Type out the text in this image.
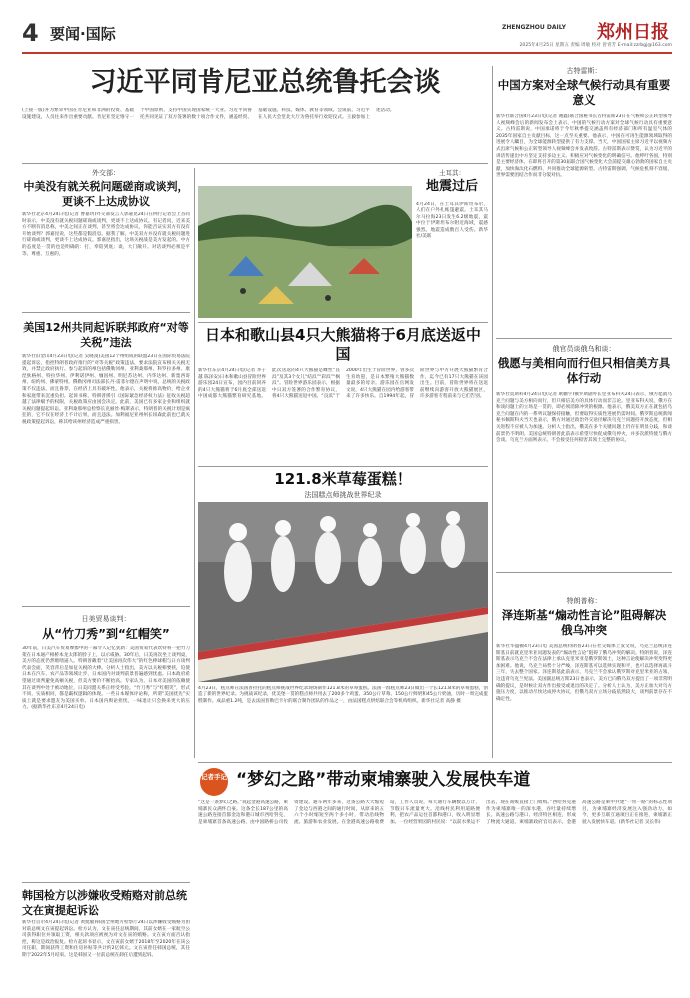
4 要闻·国际	ZHENGZHOU DAILY 郑州日报
2025年4月25日 星期五 责编 周敏 校对 曾青芳 E-mail:zzrbgj@163.com
习近平同肯尼亚总统鲁托会谈
(上接一版)并为繁荣中国在肯尼亚和非洲的投资、基础设施建设、人员往来作出重要贡献。肯尼亚坚定恪守一个中国原则，支持中国实现国家统一大业。习近平同鲁托共同见证了双方签署的数十项合作文件，涵盖经贸、基础设施、科技、媒体、教育等领域。会谈前，习近平在人民大会堂北大厅为鲁托举行欢迎仪式。王毅参加上述活动。
外交部：
中美没有就关税问题磋商或谈判，更谈不上达成协议
新华社北京4月24日电(记者 曹嘉玥)外交部发言人郭嘉昆24日在例行记者会上答问时表示，中美没有就关税问题磋商或谈判，更谈不上达成协议。有记者问，近来美方不断有消息称，中美之间正在谈判，甚至将会达成协议，你能否证实双方有没有开始谈判？郭嘉昆说，这些都是假消息。据我了解，中美双方并没有就关税问题进行磋商或谈判，更谈不上达成协议。郭嘉昆指出，这场关税战是美方发起的。中方的态度是一贯的也是明确的：打，奉陪到底；谈，大门敞开。对话谈判必须是平等、尊重、互惠的。
美国12州共同起诉联邦政府“对等关税”违法
新华社旧金山4月23日电(记者 吴晓凌)美国12个州组成的联盟23日在国际贸易法院提起诉讼，指控特朗普政府推行的“对等关税”政策违法，要求法院宣布相关关税无效，并禁止政府执行。参与起诉的州包括俄勒冈州、亚利桑那州、科罗拉多州、康涅狄格州、特拉华州、伊利诺伊州、缅因州、明尼苏达州、内华达州、新墨西哥州、纽约州、佛蒙特州。俄勒冈州司法部长丹·雷菲尔德在声明中说，总统的关税政策不仅违法，而且鲁莽，在经济上具有破坏性。他表示，关税将推高物价，给企业和家庭带来沉重负担。起诉书称，特朗普援引《国际紧急经济权力法》征收关税超越了法律赋予的权限，关税政策应由国会决定。此前，美国已有多家企业和组织就关税问题提起诉讼。亚利桑那州总检察长克丽丝·梅斯表示，特朗普的关税计划是疯狂的，它不仅在经济上不计后果，而且违法。加利福尼亚州州长纽森此前也已就关税政策提起诉讼，称其给该州经济造成严重损害。
日美贸易谈判：
从“竹刀秀”到“红帽笑”
30年前，日美汽车贸易摩擦中的一幕令人记忆犹新：美国贸易代表坎特将一把竹刀架在日本通产相桥本龙太郎的脖子上，以示威胁。30年后，日美再次坐上谈判桌，美方的态度仍然咄咄逼人。特朗普戴着“让美国再次伟大”的红色棒球帽与日方谈判代表会面，笑容背后是加征关税的大棒。分析人士指出，美方以关税相要挟，迫使日本在汽车、农产品等领域让步，日本国内对谈判前景普遍感到忧虑。日本政府希望通过谈判避免高额关税，但美方要价不断抬高。专家认为，日本对美国的依赖使其在谈判中处于被动地位，日美同盟关系正经受考验。“竹刀秀”与“红帽笑”，形式不同，实质相同，都是霸权逻辑的体现。一些日本媒体评论称，所谓“美国优先”实质上就是要求盟友为美国买单。日本国内舆论担忧，一味退让只会换来更大的压力。(据新华社东京4月24日电)
韩国检方以涉嫌收受贿赂对前总统文在寅提起诉讼
新华社首尔4月24日电(记者 黄挺敏)韩国全州地方检察厅24日以涉嫌收受贿赂为由对前总统文在寅提起诉讼。检方认为，文在寅任总统期间，其前女婿在一家航空公司获得职位并领取工资，相关款项应被视为对文在寅的贿赂。文在寅方面否认指控，称这是政治报复。检方起诉书显示，文在寅前女婿于2018年至2020年在该公司任职，期间获得工资和住房补贴等共计约2亿韩元。文在寅曾任韩国总统，其任期于2022年5月结束。这是韩国又一位前总统在卸任后遭到起诉。
土耳其：
地震过后
4月24日，在土耳其伊斯坦布尔，人们在户外扎帐篷避震。土耳其马尔马拉海23日发生6.2级地震，震中位于伊斯坦布尔附近海域，震感强烈。地震造成数百人受伤。新华社/美联
日本和歌山县4只大熊猫将于6月底送返中国
新华社东京4月24日电(记者 李子越 陈泽安)日本和歌山县冒险世界游乐园24日宣布，园内目前饲养的4只大熊猫将于6月底全部送返中国成都大熊猫繁育研究基地。此次送返的4只大熊猫是雌性“良浜”及其3个女儿“结浜”“彩浜”“枫浜”。冒险世界游乐园表示，根据中日双方签署的合作繁育协议，将4只大熊猫送返中国。“良浜”于2000年出生于冒险世界，曾多次生育幼崽，是日本繁殖大熊猫数量最多的母亲。游乐园在官网发文说，4只大熊猫在园内给游客带来了许多快乐。自1994年起，冒险世界与中方开展大熊猫繁育合作，迄今已有17只大熊猫在该园出生。目前，冒险世界将在送返前继续向游客开放大熊猫展区，许多游客专程前来与它们告别。
121.8米草莓蛋糕！
法国糕点师挑战世界纪录
4月23日，糕点师在法国普拉托的糕点师挑战世界纪录现场制作121.8米的草莓蛋糕。法国一群糕点师23日做出一个长121.8米的草莓蛋糕，创造了新的世界纪录。为挑战该纪录，优美堡一贯的糕点师共用去了200多个鸡蛋、350公斤草莓、150公斤鲜奶和45公斤奶油，历时一周完成蛋糕制作。成品重1.2吨，是去法国普勒巴卡尔的联合制作团队的作品之一，由法国糕点烘焙联合会等机构组织。新华社记者 高静 摄
古特雷斯：
中国方案对全球气候行动具有重要意义
新华社联合国4月23日电(记者 谢鑫)联合国秘书长古特雷斯23日在气候和公正转型领导人视频峰会后的新闻发布会上表示，中国的气候行动方案对全球气候行动具有重要意义。古特雷斯说，中国承诺将于今年秋季提交涵盖所有经济部门和所有温室气体的2035年国家自主贡献目标，这一点至关重要。他表示，中国在可再生能源领域取得的进展令人瞩目，为全球能源转型提供了有力支撑。当天，中国国家主席习近平以视频方式出席气候和公正转型领导人视频峰会并发表致辞。古特雷斯表示赞赏，认为习近平的讲话传递出中方坚定支持多边主义、积极应对气候变化的明确信号。他呼吁各国，特别是主要经济体，在即将召开的第30届联合国气候变化大会前提交雄心勃勃的国家自主贡献，加快淘汰化石燃料，共同推动全球能源转型。古特雷斯强调，气候危机刻不容缓，世界需要团结合作而非分裂对抗。
俄官员谈俄乌和谈：
俄愿与美相向而行但只相信美方具体行动
新华社莫斯科4月24日电(记者 耿鹏宇)俄罗斯副外长里亚布科夫24日表示，俄方愿就乌克兰问题与美方相向而行，但只相信美方的具体行动而非言论。里亚布科夫说，俄方在和谈问题上的立场是一贯的，即必须消除冲突的根源。他表示，俄美双方正在就包括乌克兰问题在内的一系列议题保持接触，但要取得实质性进展仍需时间。俄罗斯总统新闻秘书佩斯科夫当天也表示，俄方对通过政治外交途径解决乌克兰问题持开放态度，但相关进程不应被人为加速。分析人士指出，俄美在多个关键问题上仍存在明显分歧，和谈前景仍不明朗。美国总统特朗普此前表示希望尽快促成俄乌停火，并多次派特使与俄方会谈。乌克兰方面则表示，不会接受任何损害其领土完整的协议。
特朗普称：
泽连斯基“煽动性言论”阻碍解决俄乌冲突
新华社华盛顿4月23日电 美国总统特朗普23日在社交媒体上发文说，乌克兰总统泽连斯基日前就克里米亚问题发表的“煽动性言论”阻碍了俄乌冲突的解决。特朗普说，泽连斯基表示乌克兰不会在法律上承认克里米亚是俄罗斯领土，这种言论使解决冲突变得更加困难。他说，乌克兰局势十分严峻，泽连斯基可以选择实现和平，也可以选择再战斗三年，失去整个国家。泽连斯基此前表示，乌克兰不会承认俄罗斯对克里米亚的占领，这违背乌克兰宪法。美国副总统万斯23日也表示，美方已向俄乌双方提出了一项非常明确的提议，是时候让双方作出接受或退出的决定了。分析人士认为，美方正加大对乌方施压力度，以推动尽快达成停火协议，但俄乌双方立场分歧依然较大，谈判前景存在不确定性。
记者手记 “梦幻之路”带动柬埔寨驶入发展快车道
“这是一条梦幻之路。”说起金港高速公路，柬埔寨民众满怀自豪。这条全长187公里的高速公路连接首都金边和港口城市西哈努克，是柬埔寨首条高速公路，由中国路桥公司投资建设。通车两年多来，这条公路大大缩短了金边与西港之间的通行时间，从原来的五六个小时缩短至两个多小时，带动沿线物流、旅游和农业发展。在金港高速公路收费站，工作人员说，每天通行车辆数以万计，节假日车流量更大。沿线村民利用道路便利，把农产品运往首都和港口，收入明显增加。一位经营果园的村民说：“以前水果运不出去，现在商贩直接上门收购。”西哈努克港作为柬埔寨唯一的深水港，吞吐量持续增长。高速公路与港口、经济特区相连，形成了物流大通道。柬埔寨政府官员表示，金港高速公路是柬中共建“一带一路”的标志性项目，为柬埔寨经济发展注入强劲动力。如今，更多互联互通项目正在推进，柬埔寨正驶入发展快车道。(新华社记者 吴长伟)
